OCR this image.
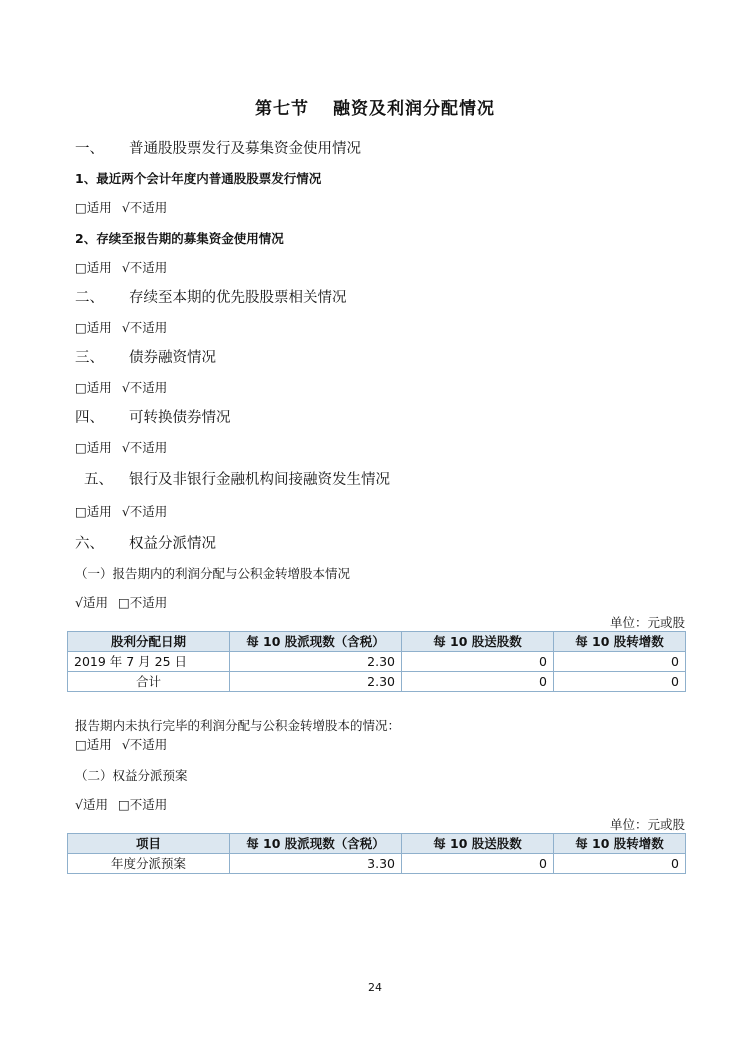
第七节 融资及利润分配情况
一、 普通股股票发行及募集资金使用情况
1、最近两个会计年度内普通股股票发行情况
□适用 √不适用
2、存续至报告期的募集资金使用情况
□适用 √不适用
二、 存续至本期的优先股股票相关情况
□适用 √不适用
三、 债券融资情况
□适用 √不适用
四、 可转换债券情况
□适用 √不适用
五、 银行及非银行金融机构间接融资发生情况
□适用 √不适用
六、 权益分派情况
（一）报告期内的利润分配与公积金转增股本情况
√适用 □不适用
单位：元或股
股利分配日期	每 10 股派现数（含税）	每 10 股送股数	每 10 股转增数
2019 年 7 月 25 日	2.30	0	0
合计	2.30	0	0
报告期内未执行完毕的利润分配与公积金转增股本的情况：
□适用 √不适用
（二）权益分派预案
√适用 □不适用
单位：元或股
项目	每 10 股派现数（含税）	每 10 股送股数	每 10 股转增数
年度分派预案	3.30	0	0
24
